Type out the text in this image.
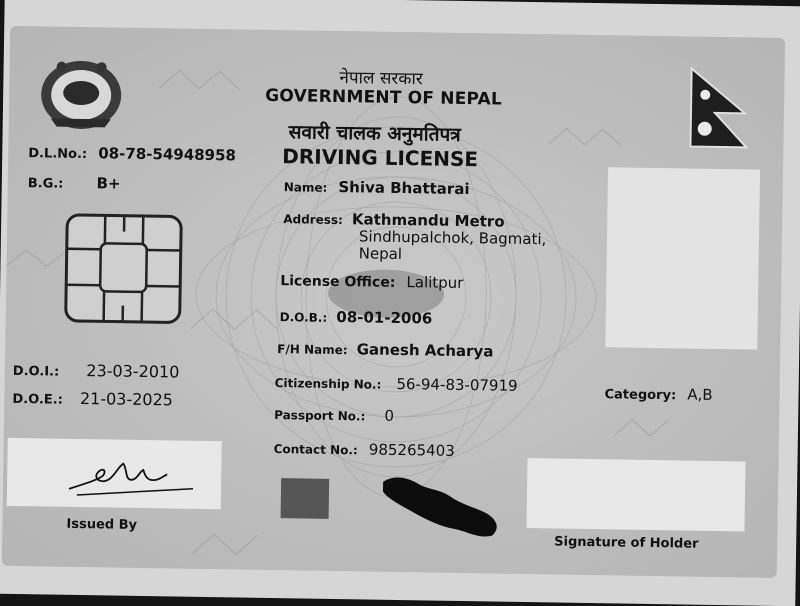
नेपाल सरकार
GOVERNMENT OF NEPAL
सवारी चालक अनुमतिपत्र
DRIVING LICENSE
D.L.No.: 08-78-54948958
B.G.: B+
D.O.I.: 23-03-2010
D.O.E.: 21-03-2025
Name: Shiva Bhattarai
Address: Kathmandu Metro
Sindhupalchok, Bagmati,
Nepal
License Office: Lalitpur
D.O.B.: 08-01-2006
F/H Name: Ganesh Acharya
Citizenship No.: 56-94-83-07919
Passport No.: 0
Contact No.: 985265403
Category: A,B
Issued By
Signature of Holder
